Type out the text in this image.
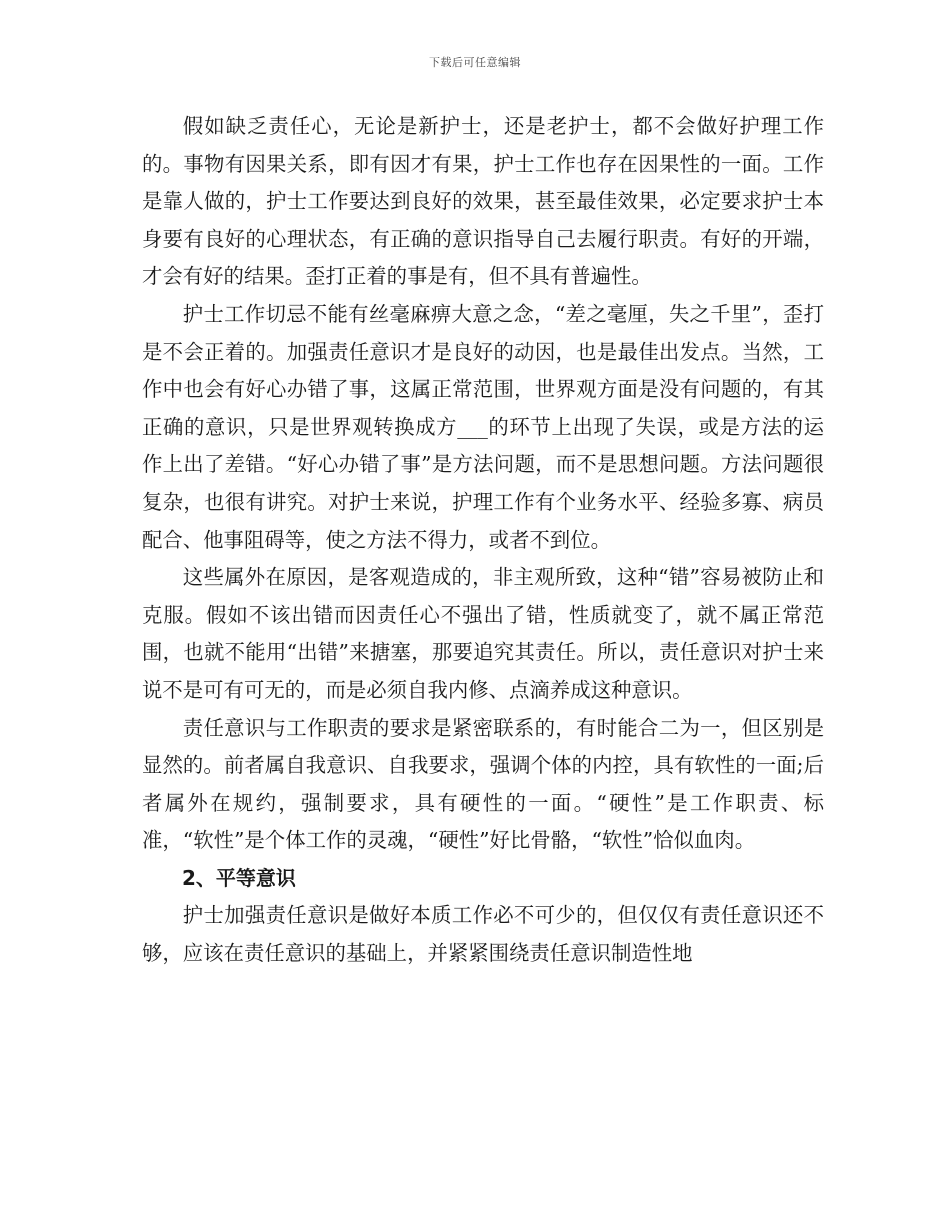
下载后可任意编辑

假如缺乏责任心，无论是新护士，还是老护士，都不会做好护理工作的。事物有因果关系，即有因才有果，护士工作也存在因果性的一面。工作是靠人做的，护士工作要达到良好的效果，甚至最佳效果，必定要求护士本身要有良好的心理状态，有正确的意识指导自己去履行职责。有好的开端，才会有好的结果。歪打正着的事是有，但不具有普遍性。

护士工作切忌不能有丝毫麻痹大意之念，“差之毫厘，失之千里”，歪打是不会正着的。加强责任意识才是良好的动因，也是最佳出发点。当然，工作中也会有好心办错了事，这属正常范围，世界观方面是没有问题的，有其正确的意识，只是世界观转换成方___的环节上出现了失误，或是方法的运作上出了差错。“好心办错了事”是方法问题，而不是思想问题。方法问题很复杂，也很有讲究。对护士来说，护理工作有个业务水平、经验多寡、病员配合、他事阻碍等，使之方法不得力，或者不到位。

这些属外在原因，是客观造成的，非主观所致，这种“错”容易被防止和克服。假如不该出错而因责任心不强出了错，性质就变了，就不属正常范围，也就不能用“出错”来搪塞，那要追究其责任。所以，责任意识对护士来说不是可有可无的，而是必须自我内修、点滴养成这种意识。

责任意识与工作职责的要求是紧密联系的，有时能合二为一，但区别是显然的。前者属自我意识、自我要求，强调个体的内控，具有软性的一面;后者属外在规约，强制要求，具有硬性的一面。“硬性”是工作职责、标准，“软性”是个体工作的灵魂，“硬性”好比骨骼，“软性”恰似血肉。

2、平等意识

护士加强责任意识是做好本质工作必不可少的，但仅仅有责任意识还不够，应该在责任意识的基础上，并紧紧围绕责任意识制造性地
